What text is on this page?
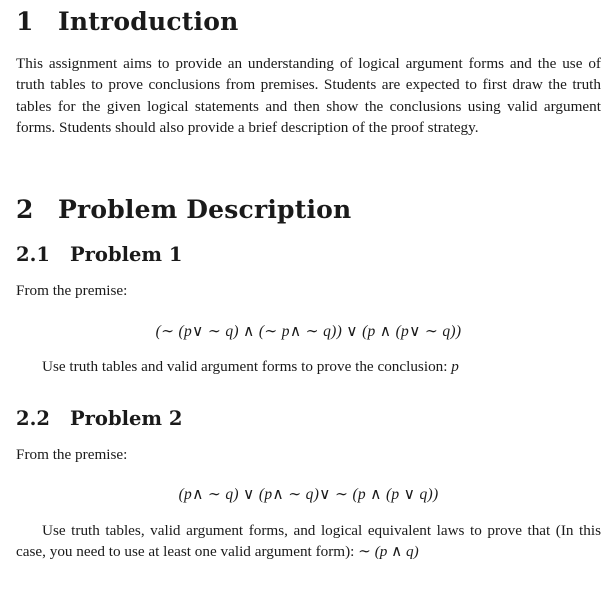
1 Introduction

This assignment aims to provide an understanding of logical argument forms and the use of truth tables to prove conclusions from premises. Students are expected to first draw the truth tables for the given logical statements and then show the conclusions using valid argument forms. Students should also provide a brief description of the proof strategy.

2 Problem Description
2.1	Problem 1

From the premise:

(∼ (p∨ ∼ q) ∧ (∼ p∧ ∼ q)) ∨ (p ∧ (p∨ ∼ q))

Use truth tables and valid argument forms to prove the conclusion: p

2.2	Problem 2

From the premise:

(p∧ ∼ q) ∨ (p∧ ∼ q)∨ ∼ (p ∧ (p ∨ q))

Use truth tables, valid argument forms, and logical equivalent laws to prove that (In this case, you need to use at least one valid argument form): ∼ (p ∧ q)
